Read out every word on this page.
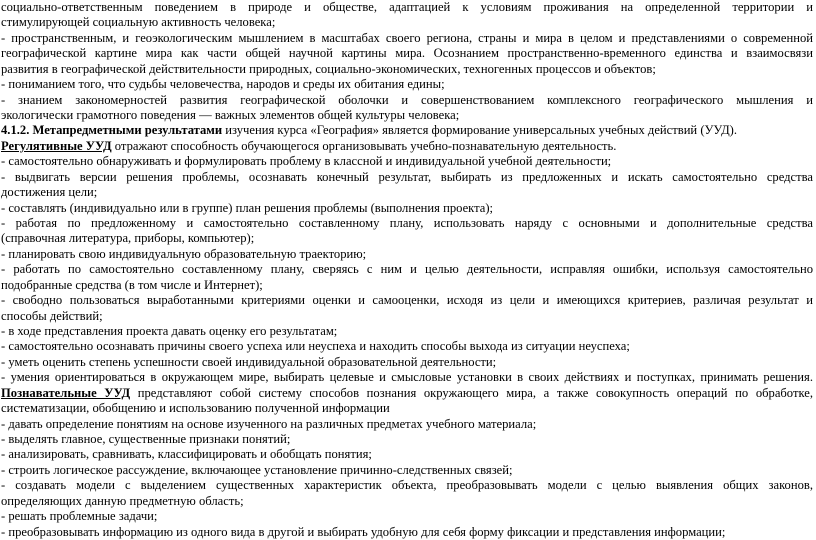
социально-ответственным поведением в природе и обществе, адаптацией к условиям проживания на определенной территории и
стимулирующей социальную активность человека;
- пространственным, и геоэкологическим мышлением в масштабах своего региона, страны и мира в целом и представлениями о современной
географической картине мира как части общей научной картины мира. Осознанием пространственно-временного единства и взаимосвязи
развития в географической действительности природных, социально-экономических, техногенных процессов и объектов;
- пониманием того, что судьбы человечества, народов и среды их обитания едины;
- знанием закономерностей развития географической оболочки и совершенствованием комплексного географического мышления и
экологически грамотного поведения — важных элементов общей культуры человека;
4.1.2. Метапредметными результатами изучения курса «География» является формирование универсальных учебных действий (УУД).
Регулятивные УУД отражают способность обучающегося организовывать учебно-познавательную деятельность.
- самостоятельно обнаруживать и формулировать проблему в классной и индивидуальной учебной деятельности;
- выдвигать версии решения проблемы, осознавать конечный результат, выбирать из предложенных и искать самостоятельно средства
достижения цели;
- составлять (индивидуально или в группе) план решения проблемы (выполнения проекта);
- работая по предложенному и самостоятельно составленному плану, использовать наряду с основными и дополнительные средства
(справочная литература, приборы, компьютер);
- планировать свою индивидуальную образовательную траекторию;
- работать по самостоятельно составленному плану, сверяясь с ним и целью деятельности, исправляя ошибки, используя самостоятельно
подобранные средства (в том числе и Интернет);
- свободно пользоваться выработанными критериями оценки и самооценки, исходя из цели и имеющихся критериев, различая результат и
способы действий;
- в ходе представления проекта давать оценку его результатам;
- самостоятельно осознавать причины своего успеха или неуспеха и находить способы выхода из ситуации неуспеха;
- уметь оценить степень успешности своей индивидуальной образовательной деятельности;
- умения ориентироваться в окружающем мире, выбирать целевые и смысловые установки в своих действиях и поступках, принимать решения.
Познавательные УУД представляют собой систему способов познания окружающего мира, а также совокупность операций по обработке,
систематизации, обобщению и использованию полученной информации
- давать определение понятиям на основе изученного на различных предметах учебного материала;
- выделять главное, существенные признаки понятий;
- анализировать, сравнивать, классифицировать и обобщать понятия;
- строить логическое рассуждение, включающее установление причинно-следственных связей;
- создавать модели с выделением существенных характеристик объекта, преобразовывать модели с целью выявления общих законов,
определяющих данную предметную область;
- решать проблемные задачи;
- преобразовывать информацию из одного вида в другой и выбирать удобную для себя форму фиксации и представления информации;
